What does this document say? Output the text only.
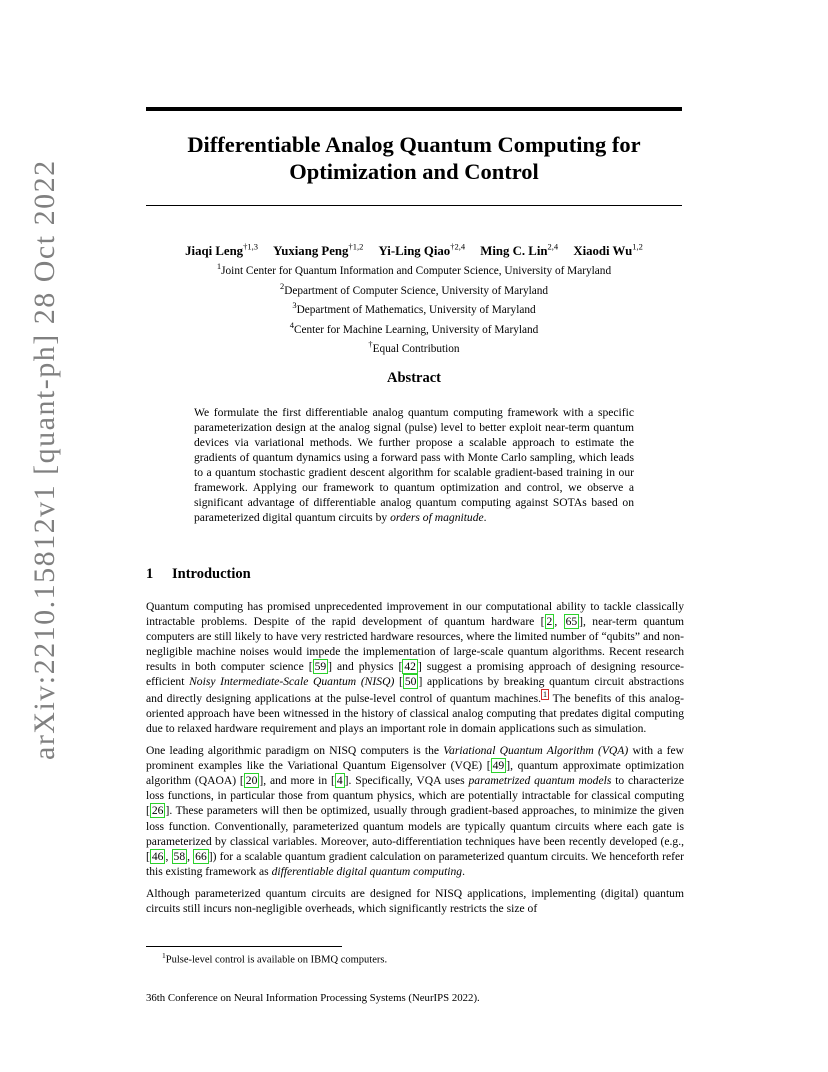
arXiv:2210.15812v1 [quant-ph] 28 Oct 2022
Differentiable Analog Quantum Computing for
Optimization and Control
Jiaqi Leng$^{\dagger 1,3}$ Yuxiang Peng$^{\dagger 1,2}$ Yi-Ling Qiao$^{\dagger 2,4}$ Ming C. Lin$^{2,4}$ Xiaodi Wu$^{1,2}$
$^1$Joint Center for Quantum Information and Computer Science, University of Maryland
$^2$Department of Computer Science, University of Maryland
$^3$Department of Mathematics, University of Maryland
$^4$Center for Machine Learning, University of Maryland
†Equal Contribution
Abstract

We formulate the first differentiable analog quantum computing framework with a specific parameterization design at the analog signal (pulse) level to better exploit near-term quantum devices via variational methods. We further propose a scalable approach to estimate the gradients of quantum dynamics using a forward pass with Monte Carlo sampling, which leads to a quantum stochastic gradient descent algorithm for scalable gradient-based training in our framework. Applying our framework to quantum optimization and control, we observe a significant advantage of differentiable analog quantum computing against SOTAs based on parameterized digital quantum circuits by orders of magnitude.

1 Introduction

Quantum computing has promised unprecedented improvement in our computational ability to tackle classically intractable problems. Despite of the rapid development of quantum hardware [ 2 , 65 ], near-term quantum computers are still likely to have very restricted hardware resources, where the limited number of “qubits” and non-negligible machine noises would impede the implementation of large-scale quantum algorithms. Recent research results in both computer science [ 59 ] and physics [ 42 ] suggest a promising approach of designing resource-efficient Noisy Intermediate-Scale Quantum (NISQ) [ 50 ] applications by breaking quantum circuit abstractions and directly designing applications at the pulse-level control of quantum machines. 1 The benefits of this analog-oriented approach have been witnessed in the history of classical analog computing that predates digital computing due to relaxed hardware requirement and plays an important role in domain applications such as simulation.

One leading algorithmic paradigm on NISQ computers is the Variational Quantum Algorithm (VQA) with a few prominent examples like the Variational Quantum Eigensolver (VQE) [ 49 ], quantum approximate optimization algorithm (QAOA) [ 20 ], and more in [ 4 ]. Specifically, VQA uses parametrized quantum models to characterize loss functions, in particular those from quantum physics, which are potentially intractable for classical computing [ 26 ]. These parameters will then be optimized, usually through gradient-based approaches, to minimize the given loss function. Conventionally, parameterized quantum models are typically quantum circuits where each gate is parameterized by classical variables. Moreover, auto-differentiation techniques have been recently developed (e.g., [ 46 , 58 , 66 ]) for a scalable quantum gradient calculation on parameterized quantum circuits. We henceforth refer this existing framework as differentiable digital quantum computing.

Although parameterized quantum circuits are designed for NISQ applications, implementing (digital) quantum circuits still incurs non-negligible overheads, which significantly restricts the size of

$^1$Pulse-level control is available on IBMQ computers.
36th Conference on Neural Information Processing Systems (NeurIPS 2022).
